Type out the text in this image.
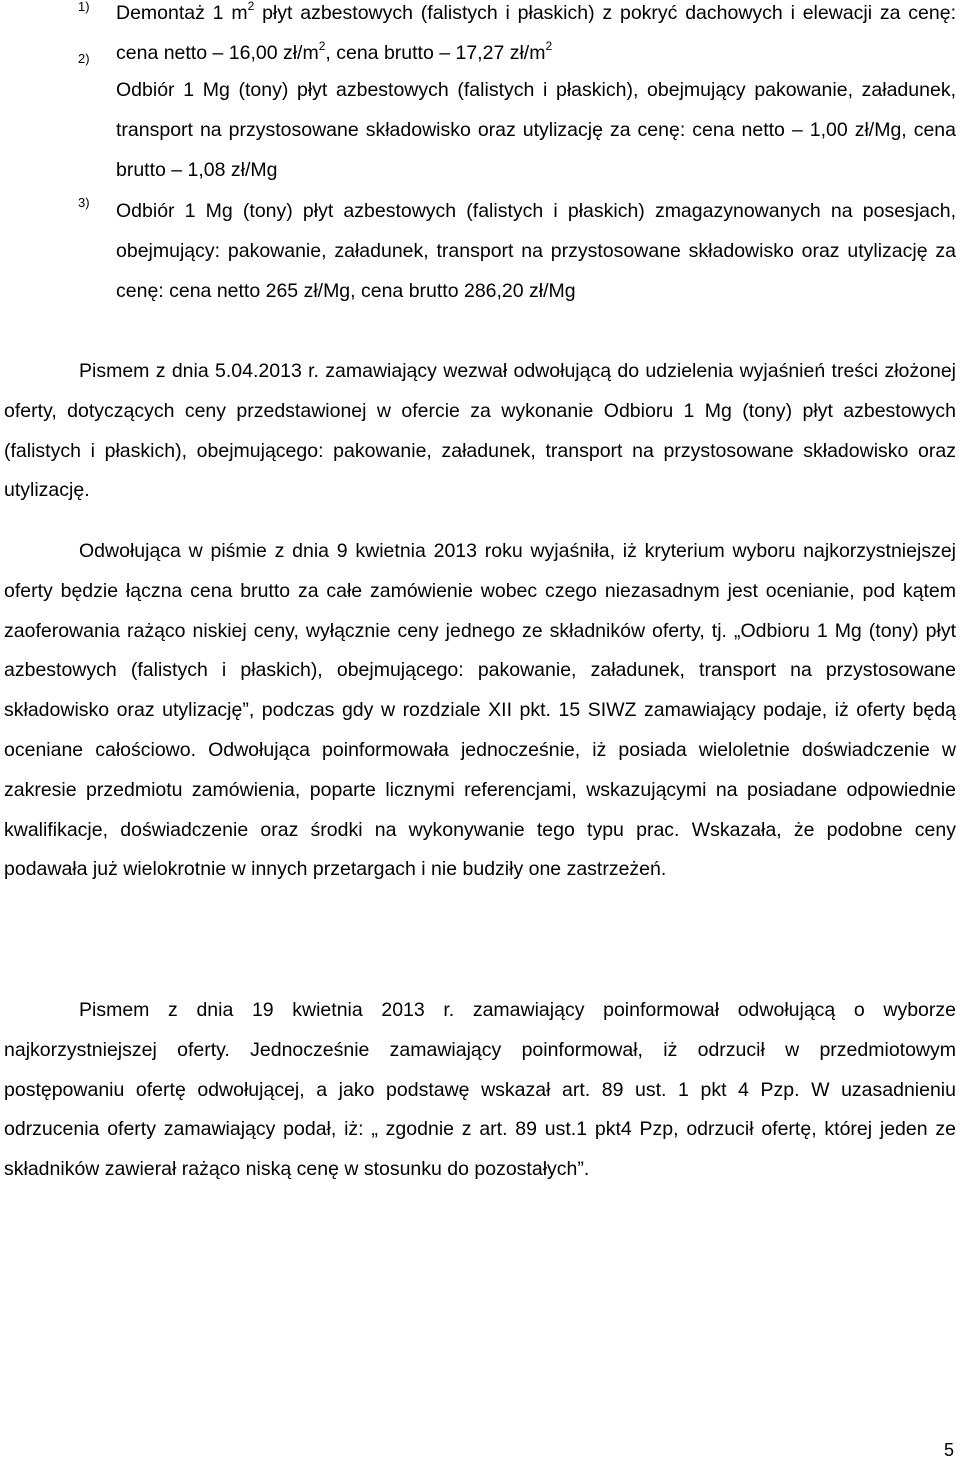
1) Demontaż 1 $m^2$ płyt azbestowych (falistych i płaskich) z pokryć dachowych i elewacji za cenę: cena netto – 16,00 $zł/m^2$, cena brutto – 17,27 $zł/m^2$

2)

Odbiór 1 Mg (tony) płyt azbestowych (falistych i płaskich), obejmujący pakowanie, załadunek, transport na przystosowane składowisko oraz utylizację za cenę: cena netto – 1,00 zł/Mg, cena brutto – 1,08 zł/Mg

3) Odbiór 1 Mg (tony) płyt azbestowych (falistych i płaskich) zmagazynowanych na posesjach, obejmujący: pakowanie, załadunek, transport na przystosowane składowisko oraz utylizację za cenę: cena netto 265 zł/Mg, cena brutto 286,20 zł/Mg

Pismem z dnia 5.04.2013 r. zamawiający wezwał odwołującą do udzielenia wyjaśnień treści złożonej oferty, dotyczących ceny przedstawionej w ofercie za wykonanie Odbioru 1 Mg (tony) płyt azbestowych (falistych i płaskich), obejmującego: pakowanie, załadunek, transport na przystosowane składowisko oraz utylizację.

Odwołująca w piśmie z dnia 9 kwietnia 2013 roku wyjaśniła, iż kryterium wyboru najkorzystniejszej oferty będzie łączna cena brutto za całe zamówienie wobec czego niezasadnym jest ocenianie, pod kątem zaoferowania rażąco niskiej ceny, wyłącznie ceny jednego ze składników oferty, tj. „Odbioru 1 Mg (tony) płyt azbestowych (falistych i płaskich), obejmującego: pakowanie, załadunek, transport na przystosowane składowisko oraz utylizację”, podczas gdy w rozdziale XII pkt. 15 SIWZ zamawiający podaje, iż oferty będą oceniane całościowo. Odwołująca poinformowała jednocześnie, iż posiada wieloletnie doświadczenie w zakresie przedmiotu zamówienia, poparte licznymi referencjami, wskazującymi na posiadane odpowiednie kwalifikacje, doświadczenie oraz środki na wykonywanie tego typu prac. Wskazała, że podobne ceny podawała już wielokrotnie w innych przetargach i nie budziły one zastrzeżeń.

Pismem z dnia 19 kwietnia 2013 r. zamawiający poinformował odwołującą o wyborze najkorzystniejszej oferty. Jednocześnie zamawiający poinformował, iż odrzucił w przedmiotowym postępowaniu ofertę odwołującej, a jako podstawę wskazał art. 89 ust. 1 pkt 4 Pzp. W uzasadnieniu odrzucenia oferty zamawiający podał, iż: „ zgodnie z art. 89 ust.1 pkt4 Pzp, odrzucił ofertę, której jeden ze składników zawierał rażąco niską cenę w stosunku do pozostałych”.

5
